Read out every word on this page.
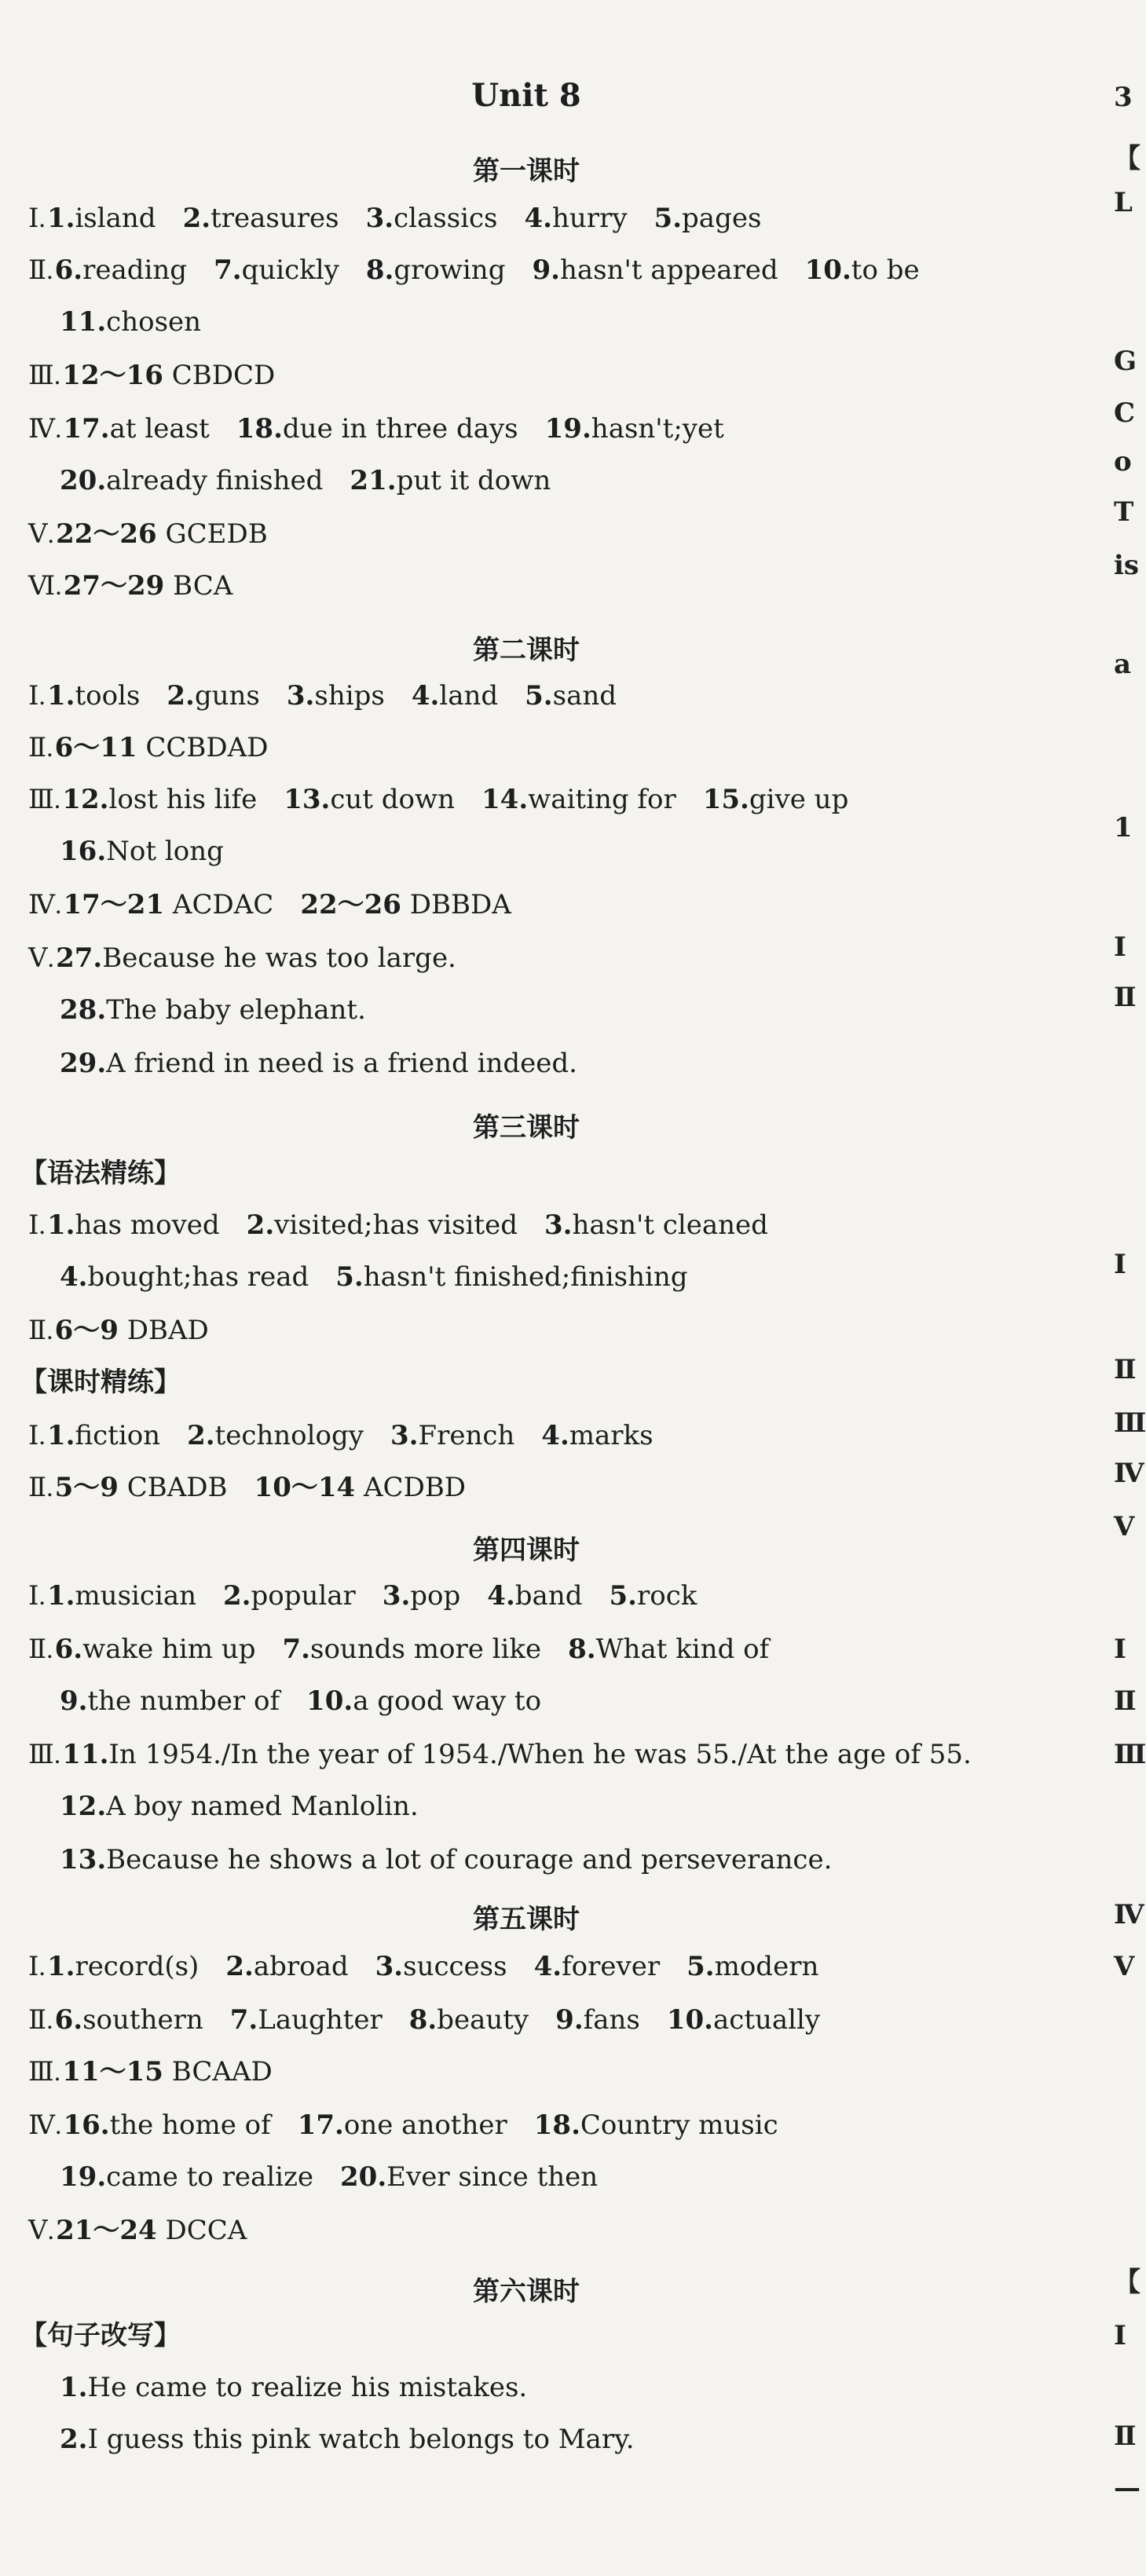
Unit 8
第一课时
Ⅰ.1.island 2.treasures 3.classics 4.hurry 5.pages
Ⅱ.6.reading 7.quickly 8.growing 9.hasn't appeared 10.to be
11.chosen
Ⅲ.12～16 CBDCD
Ⅳ.17.at least 18.due in three days 19.hasn't;yet
20.already finished 21.put it down
Ⅴ.22～26 GCEDB
Ⅵ.27～29 BCA
第二课时
Ⅰ.1.tools 2.guns 3.ships 4.land 5.sand
Ⅱ.6～11 CCBDAD
Ⅲ.12.lost his life 13.cut down 14.waiting for 15.give up
16.Not long
Ⅳ.17～21 ACDAC 22～26 DBBDA
Ⅴ.27.Because he was too large.
28.The baby elephant.
29.A friend in need is a friend indeed.
第三课时
【语法精练】
Ⅰ.1.has moved 2.visited;has visited 3.hasn't cleaned
4.bought;has read 5.hasn't finished;finishing
Ⅱ.6～9 DBAD
【课时精练】
Ⅰ.1.fiction 2.technology 3.French 4.marks
Ⅱ.5～9 CBADB 10～14 ACDBD
第四课时
Ⅰ.1.musician 2.popular 3.pop 4.band 5.rock
Ⅱ.6.wake him up 7.sounds more like 8.What kind of
9.the number of 10.a good way to
Ⅲ.11.In 1954./In the year of 1954./When he was 55./At the age of 55.
12.A boy named Manlolin.
13.Because he shows a lot of courage and perseverance.
第五课时
Ⅰ.1.record(s) 2.abroad 3.success 4.forever 5.modern
Ⅱ.6.southern 7.Laughter 8.beauty 9.fans 10.actually
Ⅲ.11～15 BCAAD
Ⅳ.16.the home of 17.one another 18.Country music
19.came to realize 20.Ever since then
Ⅴ.21～24 DCCA
第六课时
【句子改写】
1.He came to realize his mistakes.
2.I guess this pink watch belongs to Mary.
3
【
L
G
C
o
T
is
a
1
Ⅰ
Ⅱ
Ⅰ
Ⅱ
Ⅲ
Ⅳ
V
Ⅰ
Ⅱ
Ⅲ
Ⅳ
V
【
I
Ⅱ
—
